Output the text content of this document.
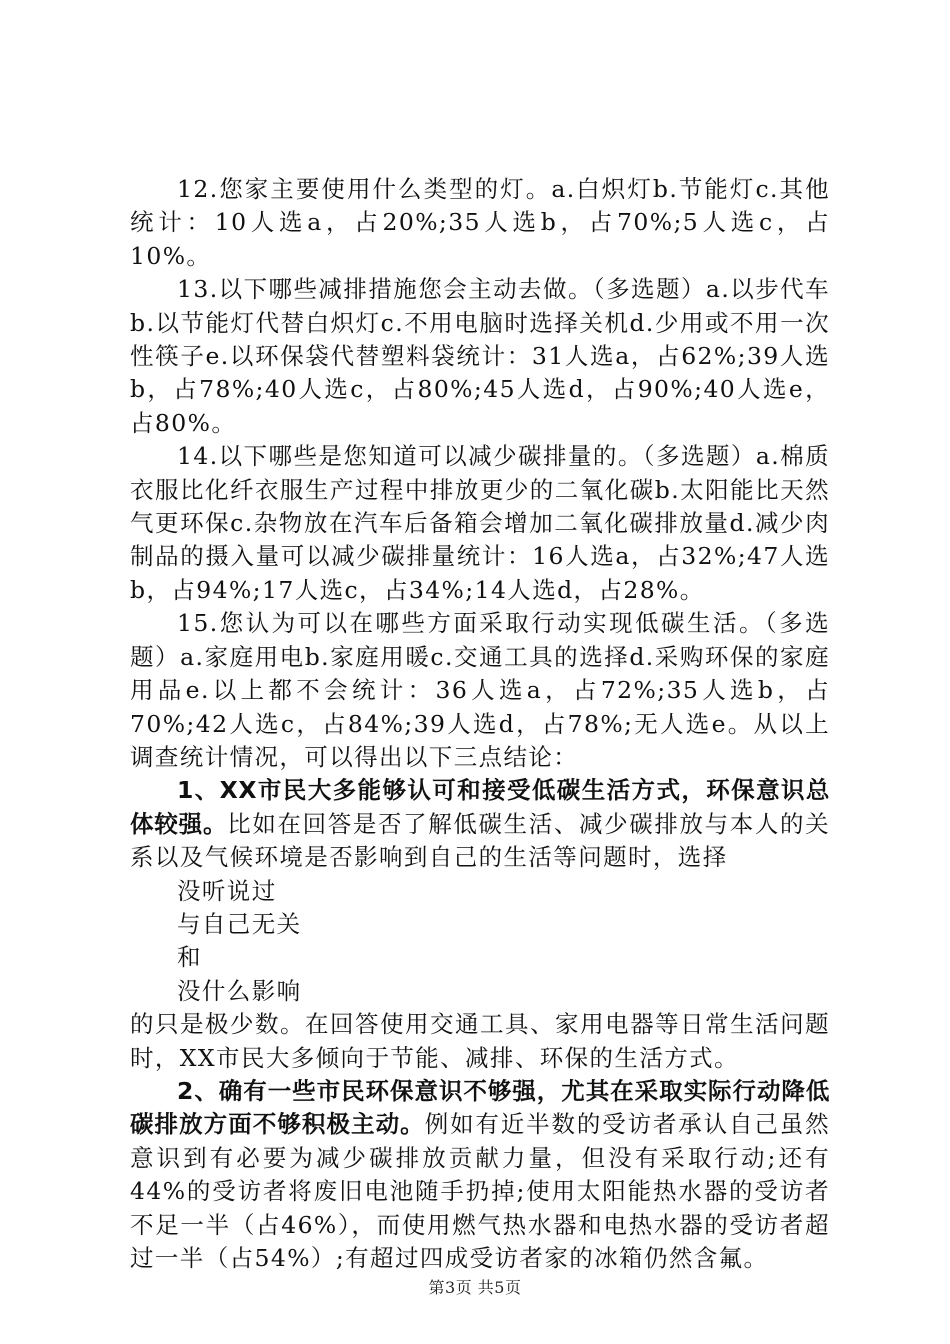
12.您家主要使用什么类型的灯。a.白炽灯b.节能灯c.其他统计：10人选a，占20%;35人选b，占70%;5人选c，占10%。

13.以下哪些减排措施您会主动去做。（多选题）a.以步代车b.以节能灯代替白炽灯c.不用电脑时选择关机d.少用或不用一次性筷子e.以环保袋代替塑料袋统计：31人选a，占62%;39人选b，占78%;40人选c，占80%;45人选d，占90%;40人选e，占80%。

14.以下哪些是您知道可以减少碳排量的。（多选题）a.棉质衣服比化纤衣服生产过程中排放更少的二氧化碳b.太阳能比天然气更环保c.杂物放在汽车后备箱会增加二氧化碳排放量d.减少肉制品的摄入量可以减少碳排量统计：16人选a，占32%;47人选b，占94%;17人选c，占34%;14人选d，占28%。

15.您认为可以在哪些方面采取行动实现低碳生活。（多选题）a.家庭用电b.家庭用暖c.交通工具的选择d.采购环保的家庭用品e.以上都不会统计：36人选a，占72%;35人选b，占70%;42人选c，占84%;39人选d，占78%;无人选e。从以上调查统计情况，可以得出以下三点结论：

1、XX市民大多能够认可和接受低碳生活方式，环保意识总体较强。比如在回答是否了解低碳生活、减少碳排放与本人的关系以及气候环境是否影响到自己的生活等问题时，选择

没听说过

与自己无关

和

没什么影响

的只是极少数。在回答使用交通工具、家用电器等日常生活问题时，XX市民大多倾向于节能、减排、环保的生活方式。

2、确有一些市民环保意识不够强，尤其在采取实际行动降低碳排放方面不够积极主动。例如有近半数的受访者承认自己虽然意识到有必要为减少碳排放贡献力量，但没有采取行动;还有44%的受访者将废旧电池随手扔掉;使用太阳能热水器的受访者不足一半（占46%），而使用燃气热水器和电热水器的受访者超过一半（占54%）;有超过四成受访者家的冰箱仍然含氟。

第3页 共5页
